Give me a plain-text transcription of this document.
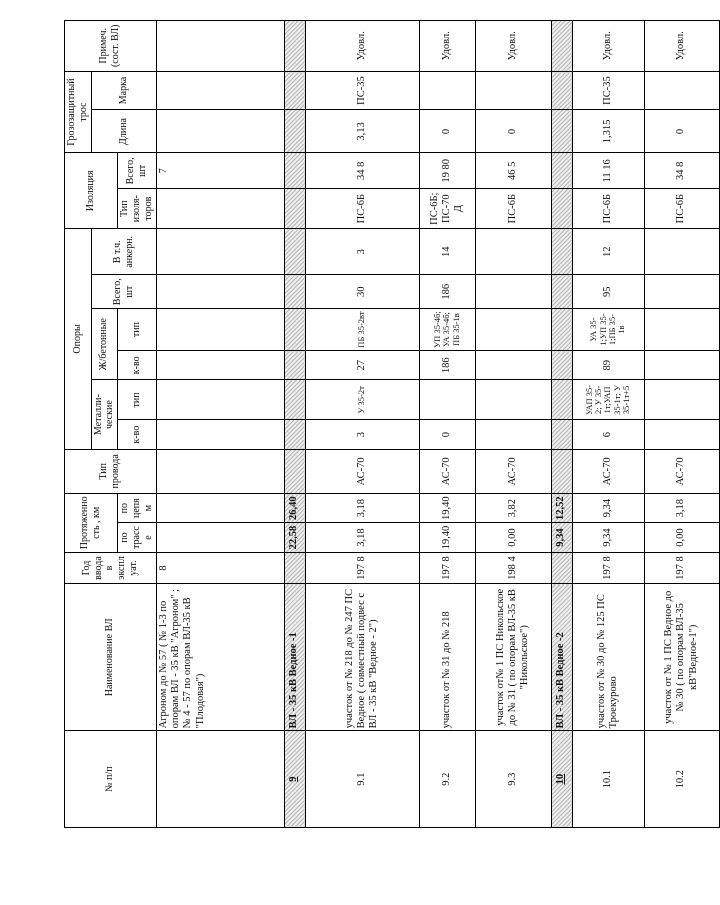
№ п/п	Наименование ВЛ	Год ввода в эксплуат.	Протяженность , км		Тип провода	Опоры						Изоляция		Грозозащитный трос		Примеч. (сост. ВЛ)
						Металли-ческие		Ж/бетонные		Всего, шт	В т.ч. анкерн.			Длина	Марка	
			по трассе	по цепям		к-во	тип	к-во	тип			Тип изоля-торов	Всего, шт			
	Агроном до № 57 ( № 1-3 по опорам ВЛ - 35 кВ "Агроном" ; № 4 - 57 по опорам ВЛ-35 кВ "Плодовая")	8											7			
9	ВЛ - 35 кВ Ведное -1		22,58	26,40												
9.1	участок от № 218 до № 247 ПС Ведное ( совместный подвес с ВЛ - 35 кВ "Ведное - 2")	197 8	3,18	3,18	АС-70	3	У 35-2т	27	ПБ 35-2вт	30	3	ПС-6Б	34 8	3,13	ПС-35	Удовл.
9.2	участок от № 31 до № 218	197 8	19,40	19,40	АС-70	0		186	УП 35-4б; УА 35-4б; ПБ 35-1в	186	14	ПС-6Б; ПС-70Д	19 80	0		Удовл.
9.3	участок от№ 1 ПС Никольское до № 31 ( по опорам ВЛ-35 кВ "Никольское")	198 4	0,00	3,82	АС-70							ПС-6Б	46 5	0		Удовл.
10	ВЛ - 35 кВ Ведное -2		9,34	12,52												
10.1	участок от № 30 до № 125 ПС Троекурово	197 8	9,34	9,34	АС-70	6	УАП 35-2; У 35-1т;УАП 35-1т; У 35-1т+5	89	УА 35-1;УП 35-1;ПБ 35-1в	95	12	ПС-6Б	11 16	1,315	ПС-35	Удовл.
10.2	участок от № 1 ПС Ведное до № 30 ( по опорам ВЛ-35 кВ"Ведное-1")	197 8	0,00	3,18	АС-70							ПС-6Б	34 8	0		Удовл.
